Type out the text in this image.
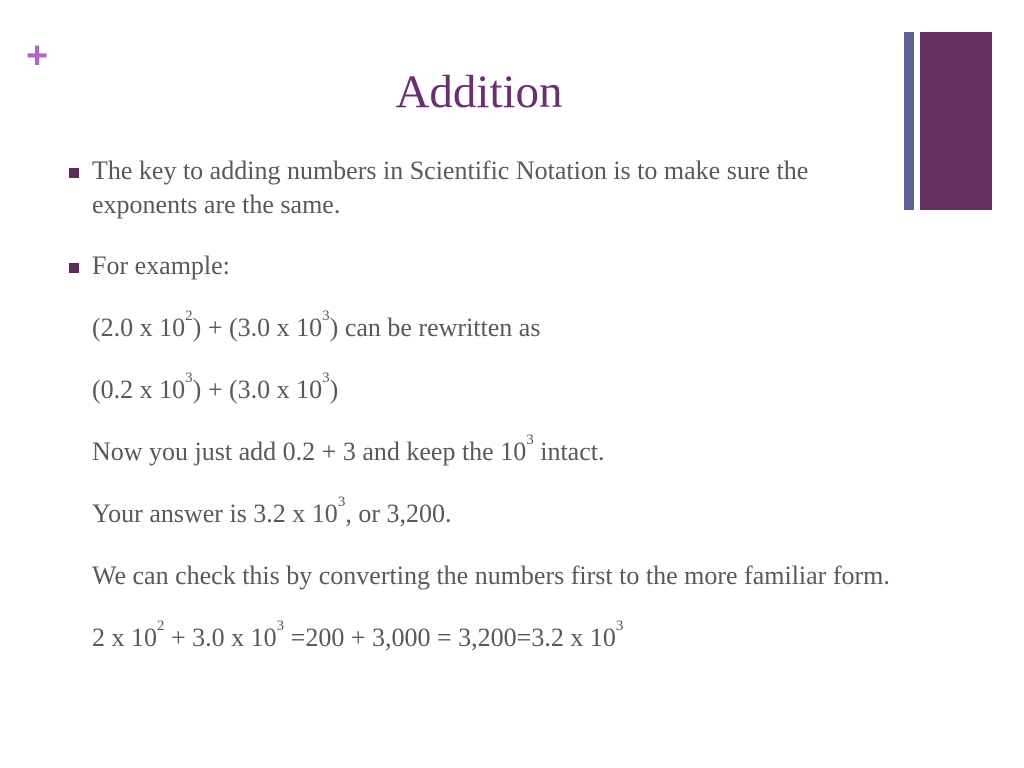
+
Addition
The key to adding numbers in Scientific Notation is to make sure the exponents are the same.
For example:
(2.0 x $10^2) + (3.0$ x $10^3$) can be rewritten as
(0.2 x $10^3) + (3.0$ x $10^3$)
Now you just add 0.2 + 3 and keep the $10^3$ intact.
Your answer is 3.2 x $10^3$, or 3,200.
We can check this by converting the numbers first to the more familiar form.
2 x $10^2 + 3.0$ x $10^3 =200 + 3,000 = 3,200=3.2$ x $10^3$
